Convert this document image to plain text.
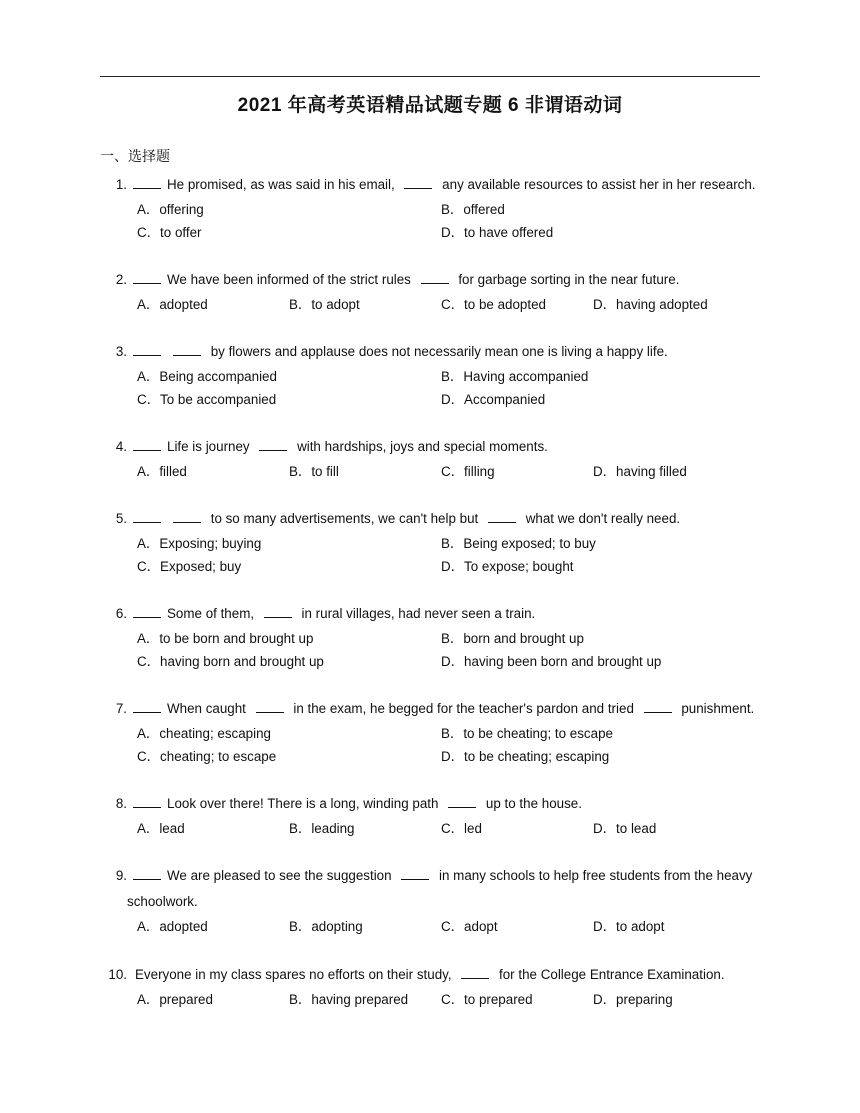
2021 年高考英语精品试题专题 6 非谓语动词
一、选择题
1.	He promised, as was said in his email,	any available resources to assist her in her research.
A．offering	B．offered
C．to offer	D．to have offered
2.	We have been informed of the strict rules	for garbage sorting in the near future.
A．adopted	B．to adopt	C．to be adopted	D．having adopted
3.	by flowers and applause does not necessarily mean one is living a happy life.
A．Being accompanied	B．Having accompanied
C．To be accompanied	D．Accompanied
4.	Life is journey	with hardships, joys and special moments.
A．filled	B．to fill	C．filling	D．having filled
5.	to so many advertisements, we can't help but	what we don't really need.
A．Exposing; buying	B．Being exposed; to buy
C．Exposed; buy	D．To expose; bought
6.	Some of them,	in rural villages, had never seen a train.
A．to be born and brought up	B．born and brought up
C．having born and brought up	D．having been born and brought up
7.	When caught	in the exam, he begged for the teacher's pardon and tried	punishment.
A．cheating; escaping	B．to be cheating; to escape
C．cheating; to escape	D．to be cheating; escaping
8.	Look over there! There is a long, winding path	up to the house.
A．lead	B．leading	C．led	D．to lead
9.	We are pleased to see the suggestion	in many schools to help free students from the heavy
schoolwork.
A．adopted	B．adopting	C．adopt	D．to adopt
10. Everyone in my class spares no efforts on their study,	for the College Entrance Examination.
A．prepared	B．having prepared C．to prepared	D．preparing
